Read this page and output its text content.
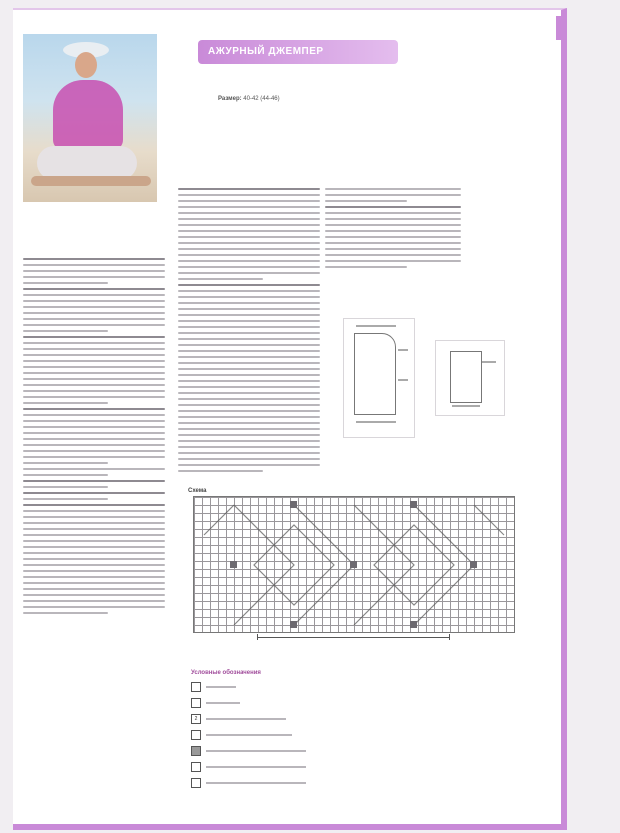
АЖУРНЫЙ ДЖЕМПЕР
Размер: 40-42 (44-46)
Схема
Условные обозначения
2
